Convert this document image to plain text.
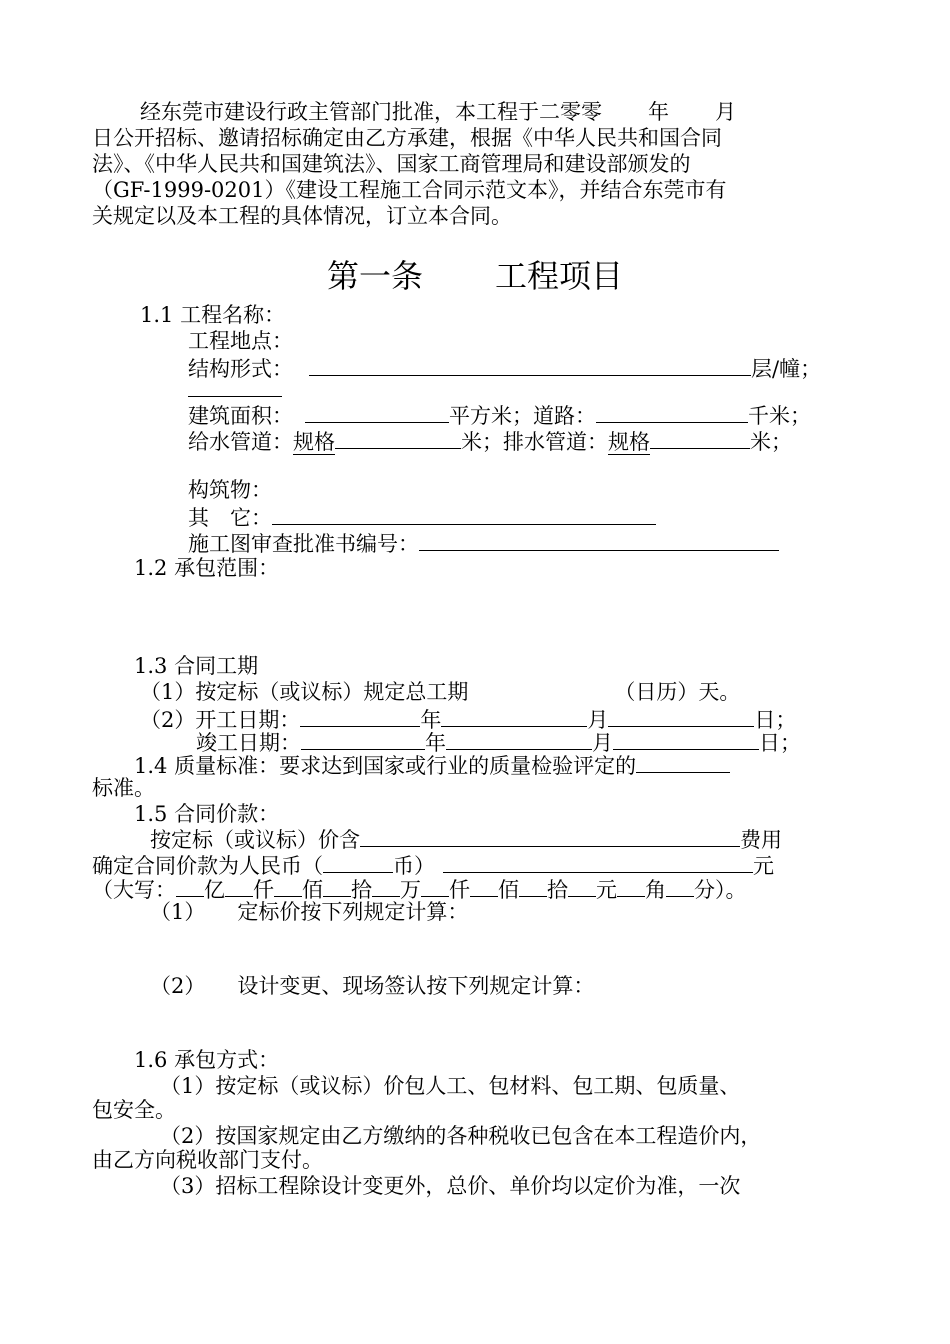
经东莞市建设行政主管部门批准，本工程于二零零 年 月
日公开招标、邀请招标确定由乙方承建，根据《中华人民共和国合同
法》、《中华人民共和国建筑法》、国家工商管理局和建设部颁发的
（GF-1999-0201）《建设工程施工合同示范文本》，并结合东莞市有
关规定以及本工程的具体情况，订立本合同。
第一条 工程项目
1.1 工程名称：
工程地点：
结构形式：	层/幢；
建筑面积：	平方米；道路：	千米；
给水管道：规格	米；排水管道：规格	米；
构筑物：
其　它：
施工图审查批准书编号：
1.2 承包范围：
1.3 合同工期
（1）按定标（或议标）规定总工期	（日历）天。
（2）开工日期：	年	月	日；
竣工日期：	年	月	日；
1.4 质量标准：要求达到国家或行业的质量检验评定的
标准。
1.5 合同价款：
按定标（或议标）价含	费用
确定合同价款为人民币（	币）	元
（大写： 亿 仟 佰 拾 万 仟 佰 拾 元 角 分）。
（1） 定标价按下列规定计算：
（2） 设计变更、现场签认按下列规定计算：
1.6 承包方式：
（1）按定标（或议标）价包人工、包材料、包工期、包质量、
包安全。
（2）按国家规定由乙方缴纳的各种税收已包含在本工程造价内，
由乙方向税收部门支付。
（3）招标工程除设计变更外，总价、单价均以定价为准，一次
